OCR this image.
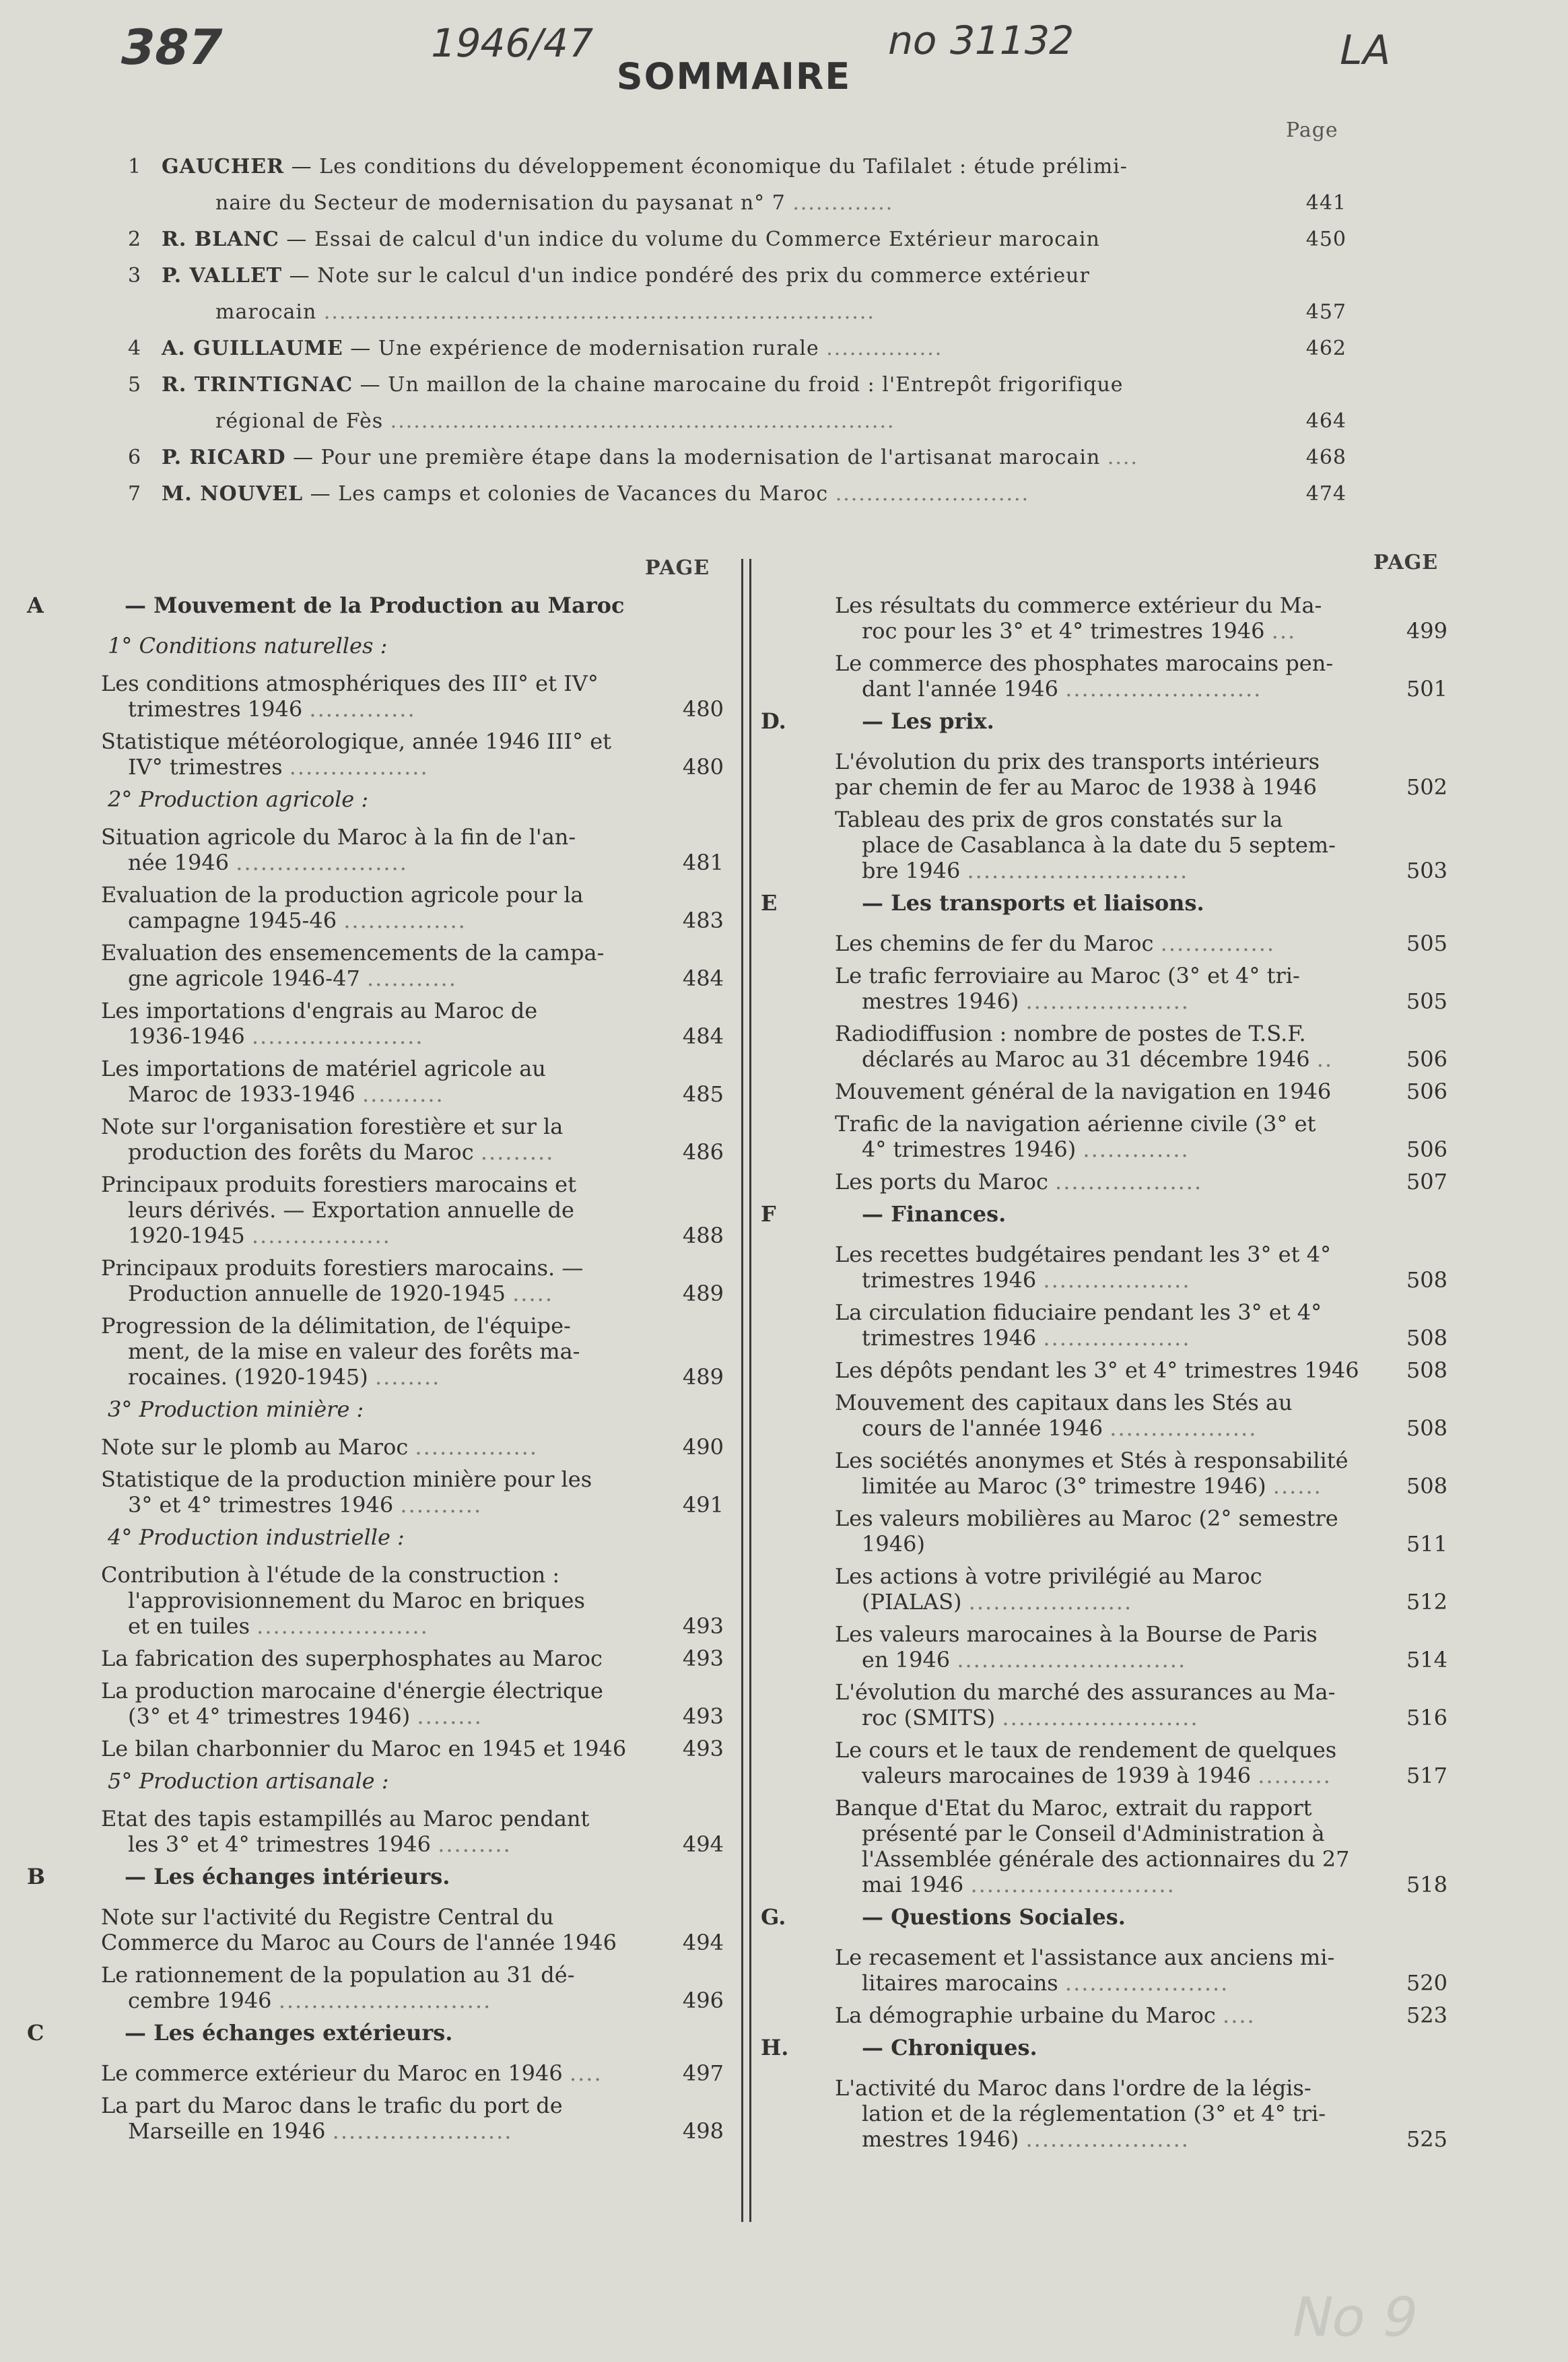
387	1946/47	no 31132	LA
No 9
SOMMAIRE
Page
1 GAUCHER — Les conditions du développement économique du Tafilalet : étude prélimi-
naire du Secteur de modernisation du paysanat n° 7 .............	441
2 R. BLANC — Essai de calcul d'un indice du volume du Commerce Extérieur marocain	450
3 P. VALLET — Note sur le calcul d'un indice pondéré des prix du commerce extérieur
marocain .......................................................................	457
4 A. GUILLAUME — Une expérience de modernisation rurale ...............	462
5 R. TRINTIGNAC — Un maillon de la chaine marocaine du froid : l'Entrepôt frigorifique
régional de Fès .................................................................	464
6 P. RICARD — Pour une première étape dans la modernisation de l'artisanat marocain ....	468
7 M. NOUVEL — Les camps et colonies de Vacances du Maroc .........................	474
PAGE	PAGE
A	— Mouvement de la Production au Maroc
1° Conditions naturelles :
Les conditions atmosphériques des III° et IV°
trimestres 1946 .............	480
Statistique météorologique, année 1946 III° et
IV° trimestres .................	480
2° Production agricole :
Situation agricole du Maroc à la fin de l'an-
née 1946 .....................	481
Evaluation de la production agricole pour la
campagne 1945-46 ...............	483
Evaluation des ensemencements de la campa-
gne agricole 1946-47 ...........	484
Les importations d'engrais au Maroc de
1936-1946 .....................	484
Les importations de matériel agricole au
Maroc de 1933-1946 ..........	485
Note sur l'organisation forestière et sur la
production des forêts du Maroc .........	486
Principaux produits forestiers marocains et
leurs dérivés. — Exportation annuelle de
1920-1945 .................	488
Principaux produits forestiers marocains. —
Production annuelle de 1920-1945 .....	489
Progression de la délimitation, de l'équipe-
ment, de la mise en valeur des forêts ma-
rocaines. (1920-1945) ........	489
3° Production minière :
Note sur le plomb au Maroc ...............	490
Statistique de la production minière pour les
3° et 4° trimestres 1946 ..........	491
4° Production industrielle :
Contribution à l'étude de la construction :
l'approvisionnement du Maroc en briques
et en tuiles .....................	493
La fabrication des superphosphates au Maroc	493
La production marocaine d'énergie électrique
(3° et 4° trimestres 1946) ........	493
Le bilan charbonnier du Maroc en 1945 et 1946	493
5° Production artisanale :
Etat des tapis estampillés au Maroc pendant
les 3° et 4° trimestres 1946 .........	494
B	— Les échanges intérieurs.
Note sur l'activité du Registre Central du
Commerce du Maroc au Cours de l'année 1946	494
Le rationnement de la population au 31 dé-
cembre 1946 ..........................	496
C	— Les échanges extérieurs.
Le commerce extérieur du Maroc en 1946 ....	497
La part du Maroc dans le trafic du port de
Marseille en 1946 ......................	498
Les résultats du commerce extérieur du Ma-
roc pour les 3° et 4° trimestres 1946 ...	499
Le commerce des phosphates marocains pen-
dant l'année 1946 ........................	501
D.	— Les prix.
L'évolution du prix des transports intérieurs
par chemin de fer au Maroc de 1938 à 1946	502
Tableau des prix de gros constatés sur la
place de Casablanca à la date du 5 septem-
bre 1946 ...........................	503
E	— Les transports et liaisons.
Les chemins de fer du Maroc ..............	505
Le trafic ferroviaire au Maroc (3° et 4° tri-
mestres 1946) ....................	505
Radiodiffusion : nombre de postes de T.S.F.
déclarés au Maroc au 31 décembre 1946 ..	506
Mouvement général de la navigation en 1946	506
Trafic de la navigation aérienne civile (3° et
4° trimestres 1946) .............	506
Les ports du Maroc ..................	507
F	— Finances.
Les recettes budgétaires pendant les 3° et 4°
trimestres 1946 ..................	508
La circulation fiduciaire pendant les 3° et 4°
trimestres 1946 ..................	508
Les dépôts pendant les 3° et 4° trimestres 1946	508
Mouvement des capitaux dans les Stés au
cours de l'année 1946 ..................	508
Les sociétés anonymes et Stés à responsabilité
limitée au Maroc (3° trimestre 1946) ......	508
Les valeurs mobilières au Maroc (2° semestre
1946)	511
Les actions à votre privilégié au Maroc
(PIALAS) ....................	512
Les valeurs marocaines à la Bourse de Paris
en 1946 ............................	514
L'évolution du marché des assurances au Ma-
roc (SMITS) ........................	516
Le cours et le taux de rendement de quelques
valeurs marocaines de 1939 à 1946 .........	517
Banque d'Etat du Maroc, extrait du rapport
présenté par le Conseil d'Administration à
l'Assemblée générale des actionnaires du 27
mai 1946 .........................	518
G.	— Questions Sociales.
Le recasement et l'assistance aux anciens mi-
litaires marocains ....................	520
La démographie urbaine du Maroc ....	523
H.	— Chroniques.
L'activité du Maroc dans l'ordre de la légis-
lation et de la réglementation (3° et 4° tri-
mestres 1946) ....................	525
